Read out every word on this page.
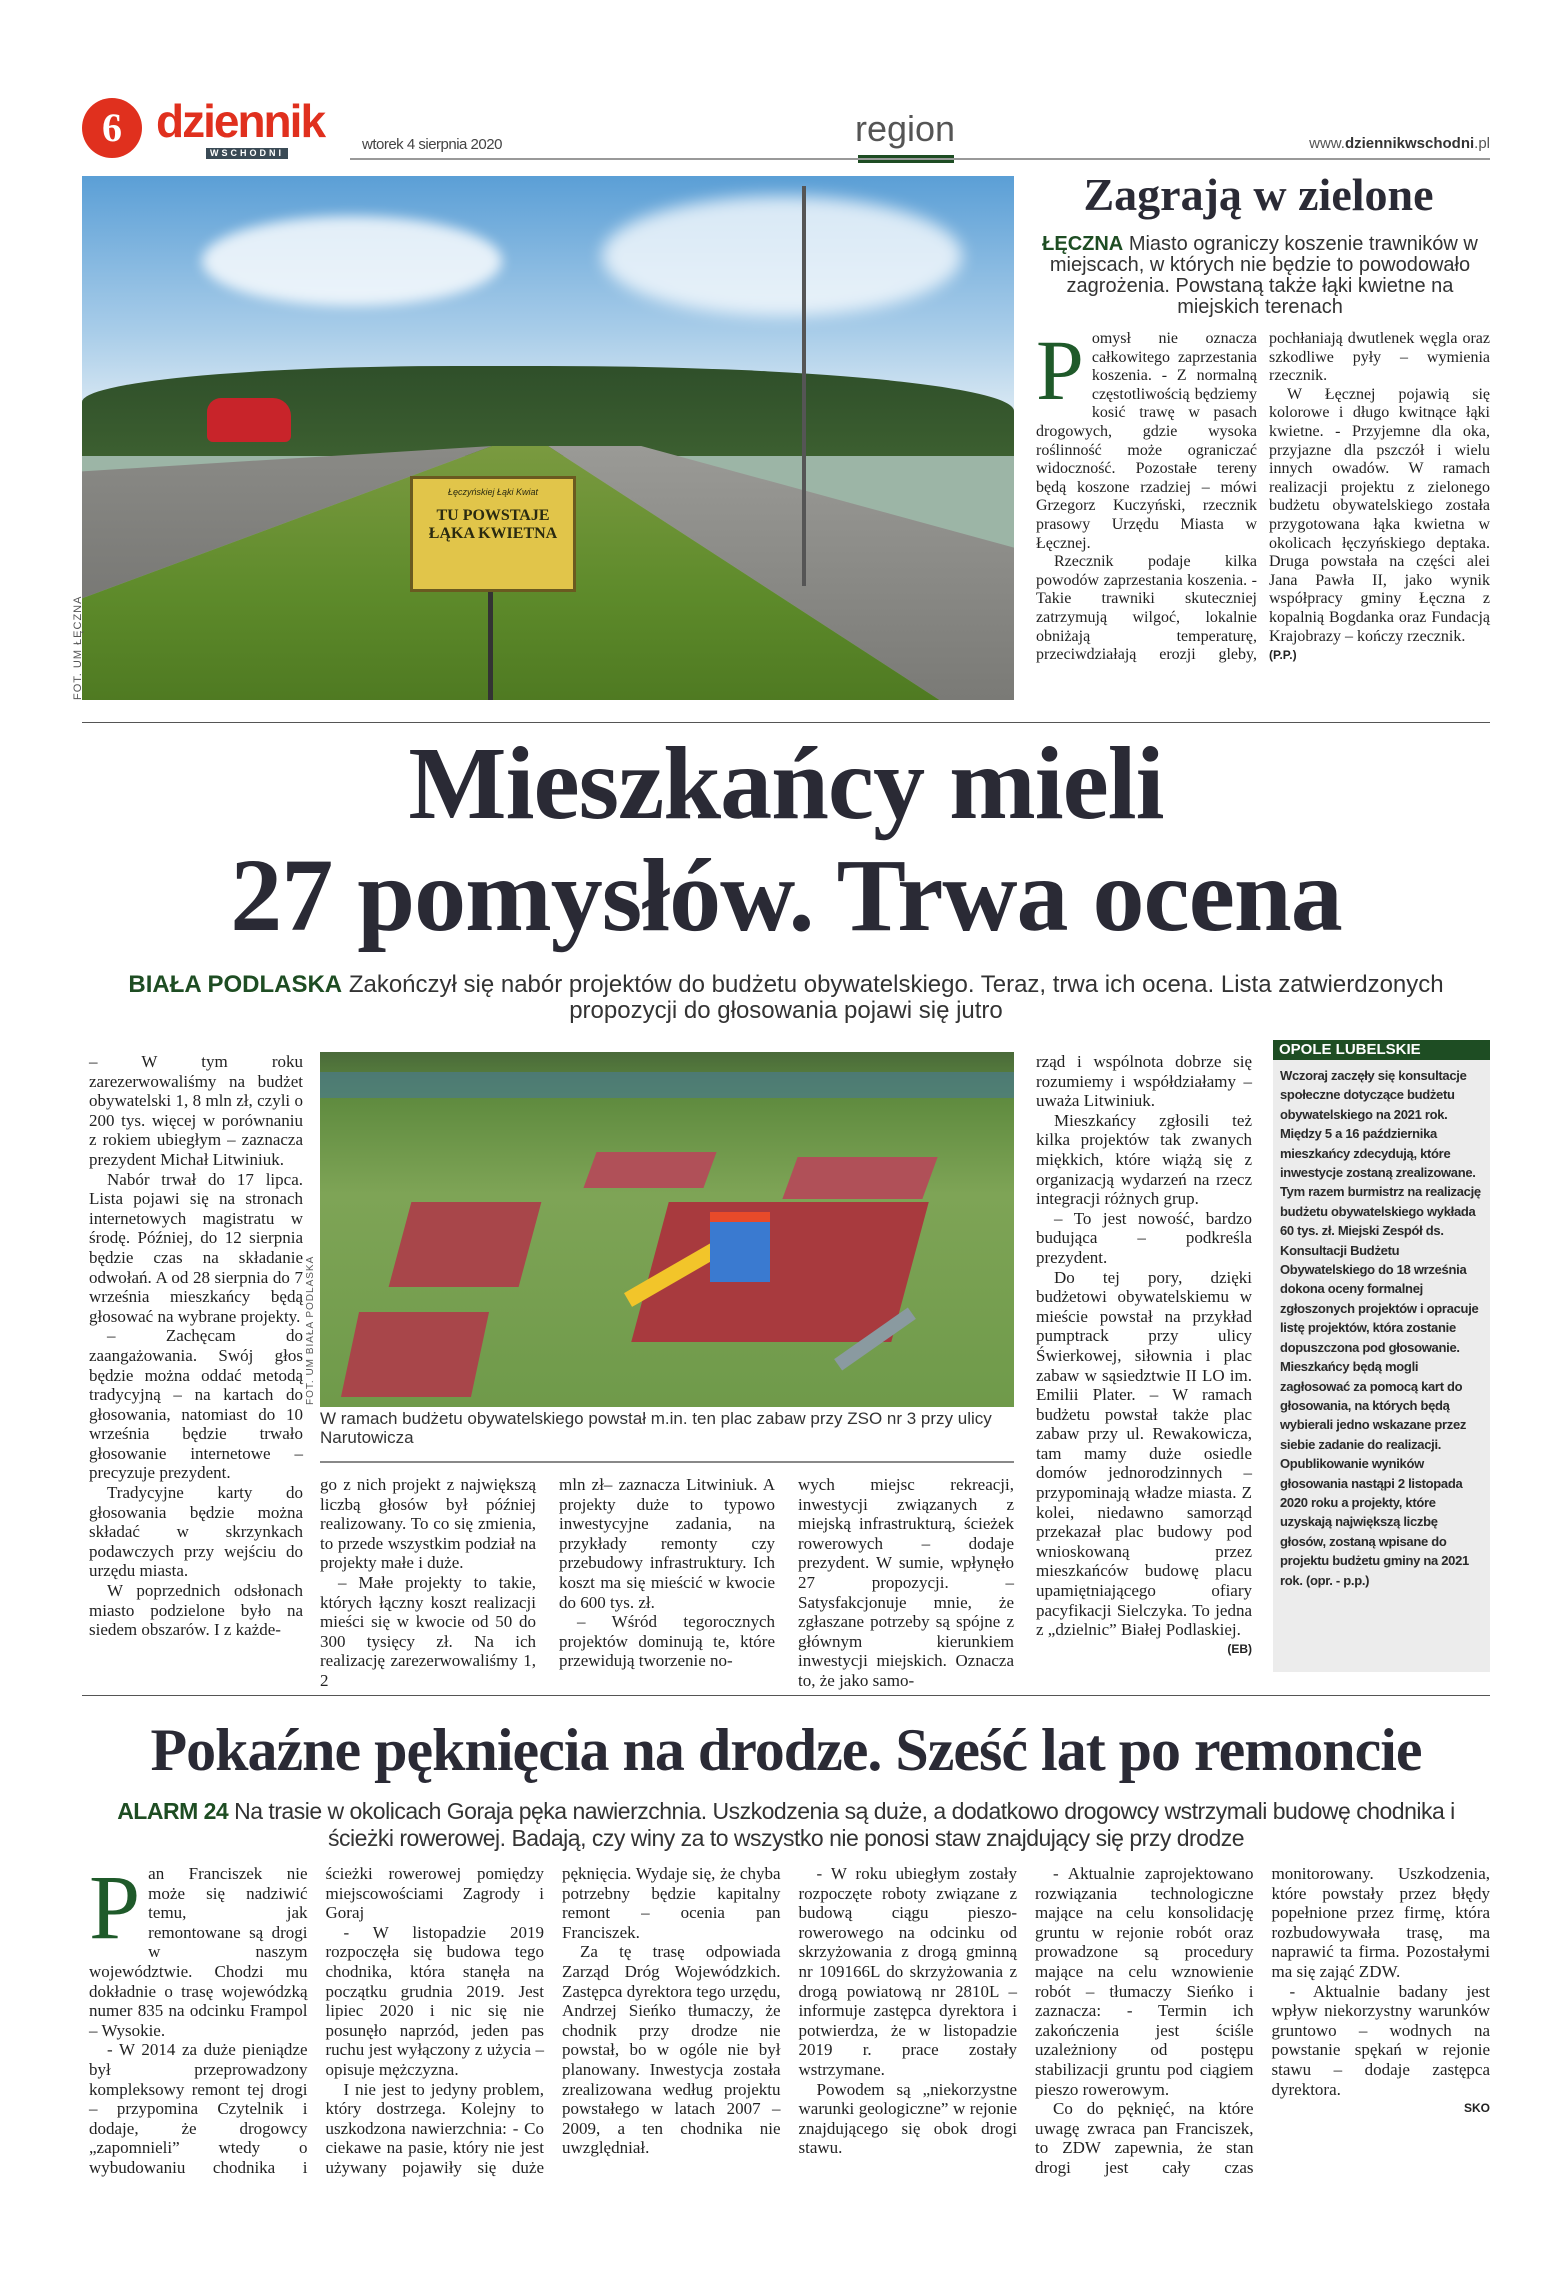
6 dziennik
WSCHODNI	wtorek 4 sierpnia 2020	region	www.dziennikwschodni.pl
Łęczyńskiej Łąki Kwiat
TU POWSTAJE ŁĄKA KWIETNA
FOT. UM ŁĘCZNA
Zagrają w zielone
ŁĘCZNA Miasto ograniczy koszenie trawników w miejscach, w których nie będzie to powodowało zagrożenia. Powstaną także łąki kwietne na miejskich terenach

Pomysł nie oznacza całkowitego zaprzestania koszenia. - Z normalną częstotliwością będziemy kosić trawę w pasach drogowych, gdzie wysoka roślinność może ograniczać widoczność. Pozostałe tereny będą koszone rzadziej – mówi Grzegorz Kuczyński, rzecznik prasowy Urzędu Miasta w Łęcznej.

Rzecznik podaje kilka powodów zaprzestania koszenia. - Takie trawniki skuteczniej zatrzymują wilgoć, lokalnie obniżają temperaturę, przeciwdziałają erozji gleby, pochłaniają dwutlenek węgla oraz szkodliwe pyły – wymienia rzecznik.

W Łęcznej pojawią się kolorowe i długo kwitnące łąki kwietne. - Przyjemne dla oka, przyjazne dla pszczół i wielu innych owadów. W ramach realizacji projektu z zielonego budżetu obywatelskiego została przygotowana łąka kwietna w okolicach łęczyńskiego deptaka. Druga powstała na części alei Jana Pawła II, jako wynik współpracy gminy Łęczna z kopalnią Bogdanka oraz Fundacją Krajobrazy – kończy rzecznik.

(P.P.)
Mieszkańcy mieli
27 pomysłów. Trwa ocena
BIAŁA PODLASKA Zakończył się nabór projektów do budżetu obywatelskiego. Teraz, trwa ich ocena. Lista zatwierdzonych propozycji do głosowania pojawi się jutro

– W tym roku zarezerwowaliśmy na budżet obywatelski 1, 8 mln zł, czyli o 200 tys. więcej w porównaniu z rokiem ubiegłym – zaznacza prezydent Michał Litwiniuk.

Nabór trwał do 17 lipca. Lista pojawi się na stronach internetowych magistratu w środę. Później, do 12 sierpnia będzie czas na składanie odwołań. A od 28 sierpnia do 7 września mieszkańcy będą głosować na wybrane projekty.

– Zachęcam do zaangażowania. Swój głos będzie można oddać metodą tradycyjną – na kartach do głosowania, natomiast do 10 września będzie trwało głosowanie internetowe – precyzuje prezydent.

Tradycyjne karty do głosowania będzie można składać w skrzynkach podawczych przy wejściu do urzędu miasta.

W poprzednich odsłonach miasto podzielone było na siedem obszarów. I z każde-

FOT. UM BIAŁA PODLASKA
W ramach budżetu obywatelskiego powstał m.in. ten plac zabaw przy ZSO nr 3 przy ulicy Narutowicza

go z nich projekt z największą liczbą głosów był później realizowany. To co się zmienia, to przede wszystkim podział na projekty małe i duże.

– Małe projekty to takie, których łączny koszt realizacji mieści się w kwocie od 50 do 300 tysięcy zł. Na ich realizację zarezerwowaliśmy 1, 2

mln zł– zaznacza Litwiniuk. A projekty duże to typowo inwestycyjne zadania, na przykłady remonty czy przebudowy infrastruktury. Ich koszt ma się mieścić w kwocie do 600 tys. zł.

– Wśród tegorocznych projektów dominują te, które przewidują tworzenie no-

wych miejsc rekreacji, inwestycji związanych z miejską infrastrukturą, ścieżek rowerowych – dodaje prezydent. W sumie, wpłynęło 27 propozycji. – Satysfakcjonuje mnie, że zgłaszane potrzeby są spójne z głównym kierunkiem inwestycji miejskich. Oznacza to, że jako samo-

rząd i wspólnota dobrze się rozumiemy i współdziałamy – uważa Litwiniuk.

Mieszkańcy zgłosili też kilka projektów tak zwanych miękkich, które wiążą się z organizacją wydarzeń na rzecz integracji różnych grup.

– To jest nowość, bardzo budująca – podkreśla prezydent.

Do tej pory, dzięki budżetowi obywatelskiemu w mieście powstał na przykład pumptrack przy ulicy Świerkowej, siłownia i plac zabaw w sąsiedztwie II LO im. Emilii Plater. – W ramach budżetu powstał także plac zabaw przy ul. Rewakowicza, tam mamy duże osiedle domów jednorodzinnych –przypominają władze miasta. Z kolei, niedawno samorząd przekazał plac budowy pod wnioskowaną przez mieszkańców budowę placu upamiętniającego ofiary pacyfikacji Sielczyka. To jedna z „dzielnic” Białej Podlaskiej.

(EB)
OPOLE LUBELSKIE

Wczoraj zaczęły się konsultacje społeczne dotyczące budżetu obywatelskiego na 2021 rok. Między 5 a 16 października mieszkańcy zdecydują, które inwestycje zostaną zrealizowane.

Tym razem burmistrz na realizację budżetu obywatelskiego wykłada 60 tys. zł. Miejski Zespół ds. Konsultacji Budżetu Obywatelskiego do 18 września dokona oceny formalnej zgłoszonych projektów i opracuje listę projektów, która zostanie dopuszczona pod głosowanie. Mieszkańcy będą mogli zagłosować za pomocą kart do głosowania, na których będą wybierali jedno wskazane przez siebie zadanie do realizacji. Opublikowanie wyników głosowania nastąpi 2 listopada 2020 roku a projekty, które uzyskają największą liczbę głosów, zostaną wpisane do projektu budżetu gminy na 2021 rok. (opr. - p.p.)

Pokaźne pęknięcia na drodze. Sześć lat po remoncie
ALARM 24 Na trasie w okolicach Goraja pęka nawierzchnia. Uszkodzenia są duże, a dodatkowo drogowcy wstrzymali budowę chodnika i ścieżki rowerowej. Badają, czy winy za to wszystko nie ponosi staw znajdujący się przy drodze

Pan Franciszek nie może się nadziwić temu, jak remontowane są drogi w naszym województwie. Chodzi mu dokładnie o trasę wojewódzką numer 835 na odcinku Frampol – Wysokie.

- W 2014 za duże pieniądze był przeprowadzony kompleksowy remont tej drogi – przypomina Czytelnik i dodaje, że drogowcy „zapomnieli” wtedy o wybudowaniu chodnika i ścieżki rowerowej pomiędzy miejscowościami Zagrody i Goraj

- W listopadzie 2019 rozpoczęła się budowa tego chodnika, która stanęła na początku grudnia 2019. Jest lipiec 2020 i nic się nie posunęło naprzód, jeden pas ruchu jest wyłączony z użycia – opisuje mężczyzna.

I nie jest to jedyny problem, który dostrzega. Kolejny to uszkodzona nawierzchnia: - Co ciekawe na pasie, który nie jest używany pojawiły się duże pęknięcia. Wydaje się, że chyba potrzebny będzie kapitalny remont – ocenia pan Franciszek.

Za tę trasę odpowiada Zarząd Dróg Wojewódzkich. Zastępca dyrektora tego urzędu, Andrzej Sieńko tłumaczy, że chodnik przy drodze nie powstał, bo w ogóle nie był planowany. Inwestycja została zrealizowana według projektu powstałego w latach 2007 – 2009, a ten chodnika nie uwzględniał.

- W roku ubiegłym zostały rozpoczęte roboty związane z budową ciągu pieszo-rowerowego na odcinku od skrzyżowania z drogą gminną nr 109166L do skrzyżowania z drogą powiatową nr 2810L – informuje zastępca dyrektora i potwierdza, że w listopadzie 2019 r. prace zostały wstrzymane.

Powodem są „niekorzystne warunki geologiczne” w rejonie znajdującego się obok drogi stawu.

- Aktualnie zaprojektowano rozwiązania technologiczne mające na celu konsolidację gruntu w rejonie robót oraz prowadzone są procedury mające na celu wznowienie robót – tłumaczy Sieńko i zaznacza: - Termin ich zakończenia jest ściśle uzależniony od postępu stabilizacji gruntu pod ciągiem pieszo rowerowym.

Co do pęknięć, na które uwagę zwraca pan Franciszek, to ZDW zapewnia, że stan drogi jest cały czas monitorowany. Uszkodzenia, które powstały przez błędy popełnione przez firmę, która rozbudowywała trasę, ma naprawić ta firma. Pozostałymi ma się zająć ZDW.

- Aktualnie badany jest wpływ niekorzystny warunków gruntowo – wodnych na powstanie spękań w rejonie stawu – dodaje zastępca dyrektora.

SKO
